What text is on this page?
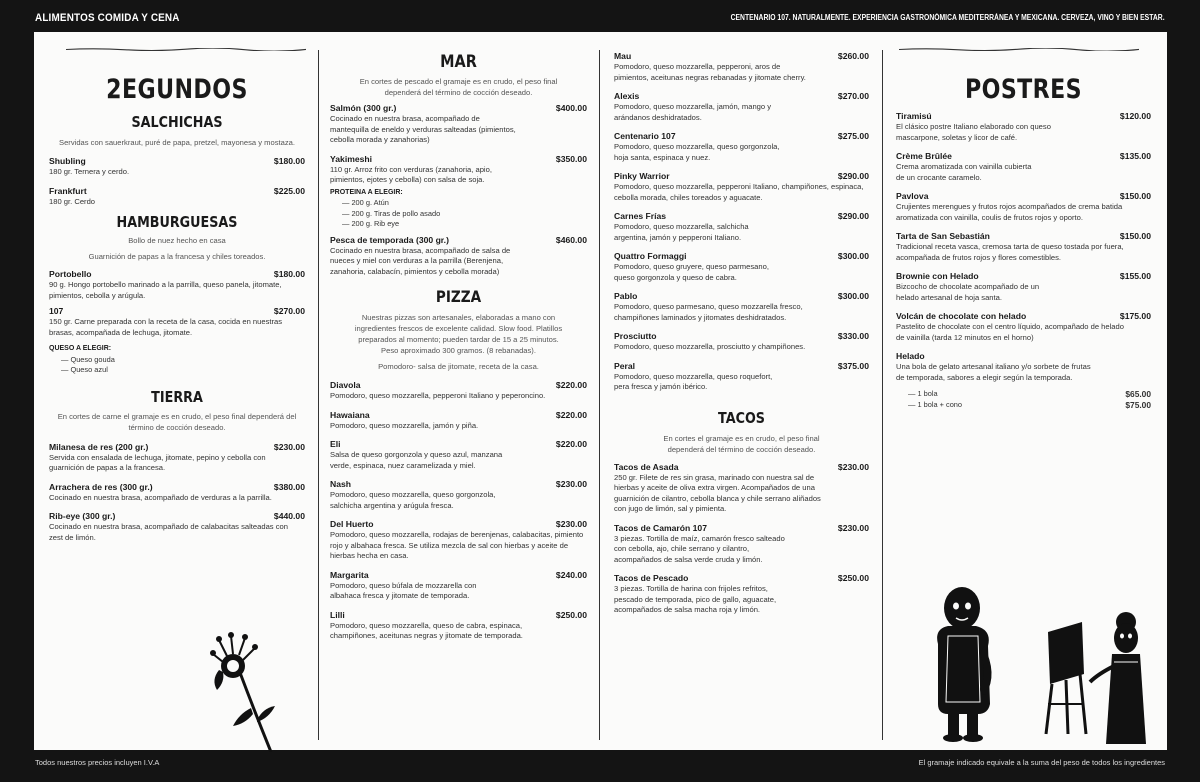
ALIMENTOS COMIDA Y CENA	CENTENARIO 107. NATURALMENTE. EXPERIENCIA GASTRONÓMICA MEDITERRÁNEA Y MEXICANA. CERVEZA, VINO Y BIEN ESTAR.
2EGUNDOS
SALCHICHAS
Servidas con sauerkraut, puré de papa, pretzel, mayonesa y mostaza.
Shubling	$180.00
180 gr. Ternera y cerdo.
Frankfurt	$225.00
180 gr. Cerdo
HAMBURGUESAS
Bollo de nuez hecho en casa
Guarnición de papas a la francesa y chiles toreados.
Portobello	$180.00
90 g. Hongo portobello marinado a la parrilla, queso panela, jitomate, pimientos, cebolla y arúgula.
107	$270.00
150 gr. Carne preparada con la receta de la casa, cocida en nuestras brasas, acompañada de lechuga, jitomate.
QUESO A ELEGIR:
— Queso gouda
— Queso azul
TIERRA
En cortes de carne el gramaje es en crudo, el peso final dependerá del término de cocción deseado.
Milanesa de res (200 gr.)	$230.00
Servida con ensalada de lechuga, jitomate, pepino y cebolla con guarnición de papas a la francesa.
Arrachera de res (300 gr.)	$380.00
Cocinado en nuestra brasa, acompañado de verduras a la parrilla.
Rib-eye (300 gr.)	$440.00
Cocinado en nuestra brasa, acompañado de calabacitas salteadas con zest de limón.
MAR
En cortes de pescado el gramaje es en crudo, el peso final dependerá del término de cocción deseado.
Salmón (300 gr.)	$400.00
Cocinado en nuestra brasa, acompañado de mantequilla de eneldo y verduras salteadas (pimientos, cebolla morada y zanahorias)
Yakimeshi	$350.00
110 gr. Arroz frito con verduras (zanahoria, apio, pimientos, ejotes y cebolla) con salsa de soja.
PROTEINA A ELEGIR:
— 200 g. Atún
— 200 g. Tiras de pollo asado
— 200 g. Rib eye
Pesca de temporada (300 gr.)	$460.00
Cocinado en nuestra brasa, acompañado de salsa de nueces y miel con verduras a la parrilla (Berenjena, zanahoria, calabacín, pimientos y cebolla morada)
PIZZA
Nuestras pizzas son artesanales, elaboradas a mano con ingredientes frescos de excelente calidad. Slow food. Platillos preparados al momento; pueden tardar de 15 a 25 minutos. Peso aproximado 300 gramos. (8 rebanadas).
Pomodoro- salsa de jitomate, receta de la casa.
Diavola	$220.00
Pomodoro, queso mozzarella, pepperoni Italiano y peperoncino.
Hawaiana	$220.00
Pomodoro, queso mozzarella, jamón y piña.
Eli	$220.00
Salsa de queso gorgonzola y queso azul, manzana verde, espinaca, nuez caramelizada y miel.
Nash	$230.00
Pomodoro, queso mozzarella, queso gorgonzola, salchicha argentina y arúgula fresca.
Del Huerto	$230.00
Pomodoro, queso mozzarella, rodajas de berenjenas, calabacitas, pimiento rojo y albahaca fresca. Se utiliza mezcla de sal con hierbas y aceite de hierbas hecha en casa.
Margarita	$240.00
Pomodoro, queso búfala de mozzarella con albahaca fresca y jitomate de temporada.
Lilli	$250.00
Pomodoro, queso mozzarella, queso de cabra, espinaca, champiñones, aceitunas negras y jitomate de temporada.
Mau	$260.00
Pomodoro, queso mozzarella, pepperoni, aros de pimientos, aceitunas negras rebanadas y jitomate cherry.
Alexis	$270.00
Pomodoro, queso mozzarella, jamón, mango y arándanos deshidratados.
Centenario 107	$275.00
Pomodoro, queso mozzarella, queso gorgonzola, hoja santa, espinaca y nuez.
Pinky Warrior	$290.00
Pomodoro, queso mozzarella, pepperoni Italiano, champiñones, espinaca, cebolla morada, chiles toreados y aguacate.
Carnes Frías	$290.00
Pomodoro, queso mozzarella, salchicha argentina, jamón y pepperoni Italiano.
Quattro Formaggi	$300.00
Pomodoro, queso gruyere, queso parmesano, queso gorgonzola y queso de cabra.
Pablo	$300.00
Pomodoro, queso parmesano, queso mozzarella fresco, champiñones laminados y jitomates deshidratados.
Prosciutto	$330.00
Pomodoro, queso mozzarella, prosciutto y champiñones.
Peral	$375.00
Pomodoro, queso mozzarella, queso roquefort, pera fresca y jamón ibérico.
TACOS
En cortes el gramaje es en crudo, el peso final dependerá del término de cocción deseado.
Tacos de Asada	$230.00
250 gr. Filete de res sin grasa, marinado con nuestra sal de hierbas y aceite de oliva extra virgen. Acompañados de una guarnición de cilantro, cebolla blanca y chile serrano aliñados con jugo de limón, sal y pimienta.
Tacos de Camarón 107	$230.00
3 piezas. Tortilla de maíz, camarón fresco salteado con cebolla, ajo, chile serrano y cilantro, acompañados de salsa verde cruda y limón.
Tacos de Pescado	$250.00
3 piezas. Tortilla de harina con frijoles refritos, pescado de temporada, pico de gallo, aguacate, acompañados de salsa macha roja y limón.
POSTRES
Tiramisú	$120.00
El clásico postre Italiano elaborado con queso mascarpone, soletas y licor de café.
Crème Brûlée	$135.00
Crema aromatizada con vainilla cubierta de un crocante caramelo.
Pavlova	$150.00
Crujientes merengues y frutos rojos acompañados de crema batida aromatizada con vainilla, coulis de frutos rojos y oporto.
Tarta de San Sebastián	$150.00
Tradicional receta vasca, cremosa tarta de queso tostada por fuera, acompañada de frutos rojos y flores comestibles.
Brownie con Helado	$155.00
Bizcocho de chocolate acompañado de un helado artesanal de hoja santa.
Volcán de chocolate con helado	$175.00
Pastelito de chocolate con el centro líquido, acompañado de helado de vainilla (tarda 12 minutos en el horno)
Helado
Una bola de gelato artesanal italiano y/o sorbete de frutas de temporada, sabores a elegir según la temporada.
— 1 bola	$65.00
— 1 bola + cono	$75.00
Todos nuestros precios incluyen I.V.A	El gramaje indicado equivale a la suma del peso de todos los ingredientes
